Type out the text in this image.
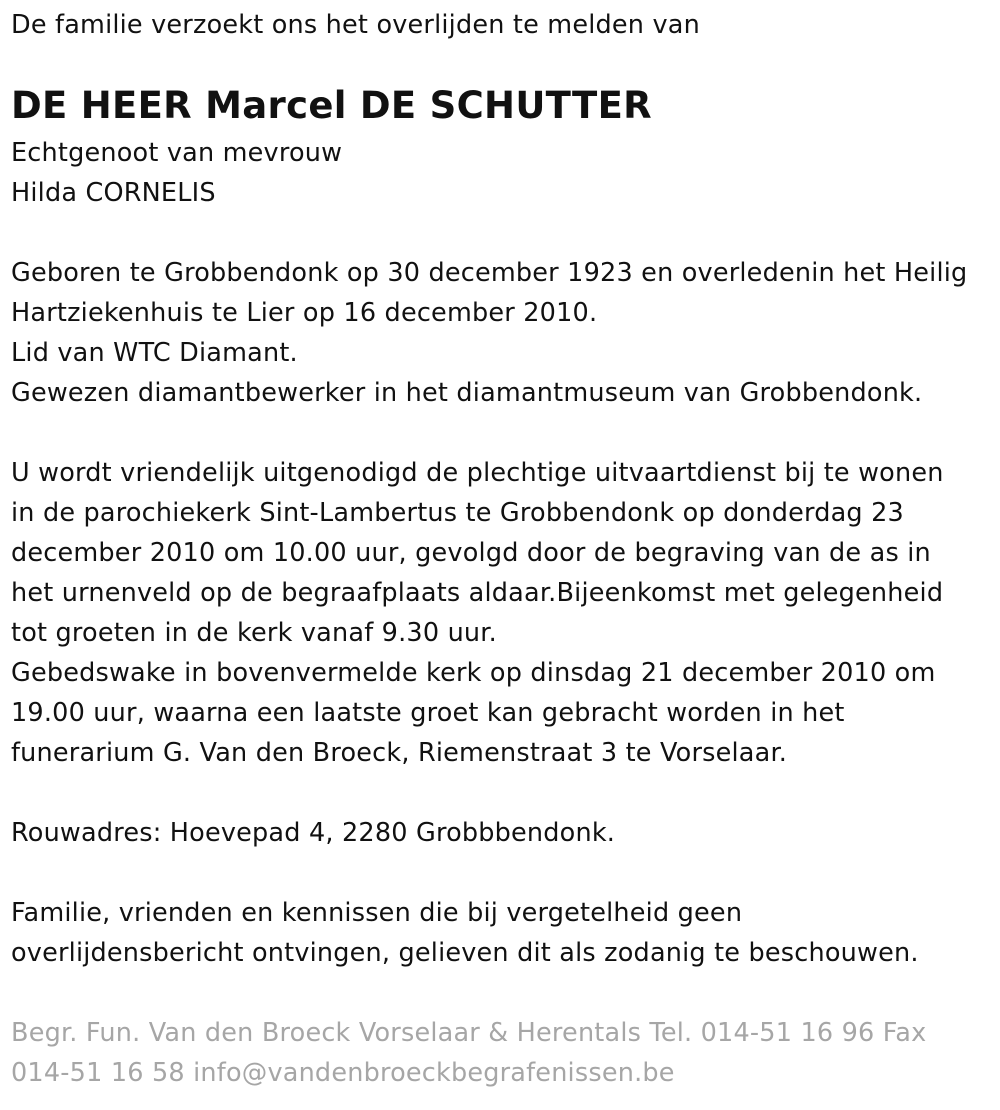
De familie verzoekt ons het overlijden te melden van
DE HEER Marcel DE SCHUTTER
Echtgenoot van mevrouw
Hilda CORNELIS
Geboren te Grobbendonk op 30 december 1923 en overledenin het Heilig
Hartziekenhuis te Lier op 16 december 2010.
Lid van WTC Diamant.
Gewezen diamantbewerker in het diamantmuseum van Grobbendonk.
U wordt vriendelijk uitgenodigd de plechtige uitvaartdienst bij te wonen
in de parochiekerk Sint-Lambertus te Grobbendonk op donderdag 23
december 2010 om 10.00 uur, gevolgd door de begraving van de as in
het urnenveld op de begraafplaats aldaar.Bijeenkomst met gelegenheid
tot groeten in de kerk vanaf 9.30 uur.
Gebedswake in bovenvermelde kerk op dinsdag 21 december 2010 om
19.00 uur, waarna een laatste groet kan gebracht worden in het
funerarium G. Van den Broeck, Riemenstraat 3 te Vorselaar.
Rouwadres: Hoevepad 4, 2280 Grobbbendonk.
Familie, vrienden en kennissen die bij vergetelheid geen
overlijdensbericht ontvingen, gelieven dit als zodanig te beschouwen.
Begr. Fun. Van den Broeck Vorselaar & Herentals Tel. 014-51 16 96 Fax
014-51 16 58 info@vandenbroeckbegrafenissen.be
